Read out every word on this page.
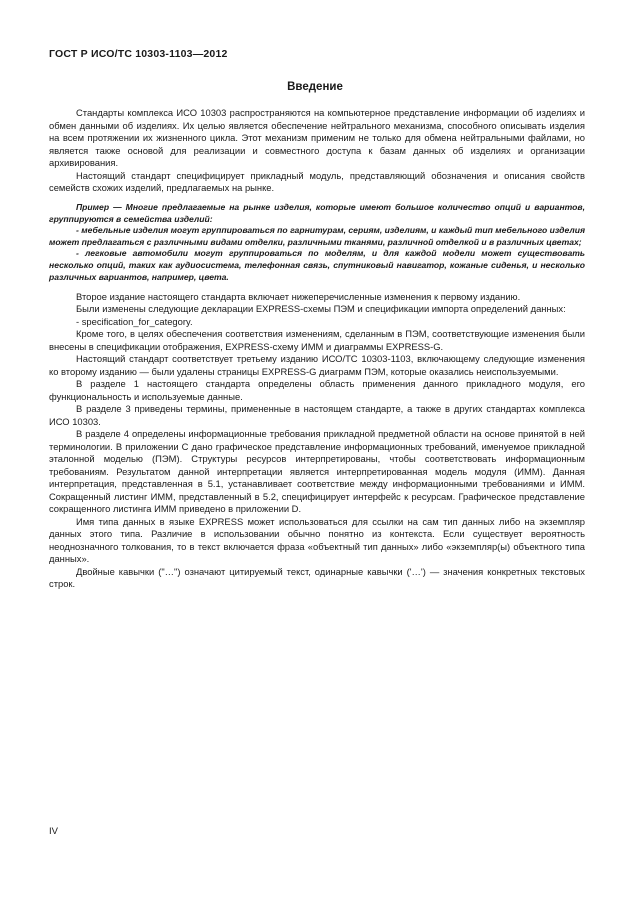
ГОСТ Р ИСО/ТС 10303-1103—2012
Введение

Стандарты комплекса ИСО 10303 распространяются на компьютерное представление информации об изделиях и обмен данными об изделиях. Их целью является обеспечение нейтрального механизма, способного описывать изделия на всем протяжении их жизненного цикла. Этот механизм применим не только для обмена нейтральными файлами, но является также основой для реализации и совместного доступа к базам данных об изделиях и организации архивирования.

Настоящий стандарт специфицирует прикладный модуль, представляющий обозначения и описания свойств семейств схожих изделий, предлагаемых на рынке.

Пример — Многие предлагаемые на рынке изделия, которые имеют большое количество опций и вариантов, группируются в семейства изделий:

- мебельные изделия могут группироваться по гарнитурам, сериям, изделиям, и каждый тип мебельного изделия может предлагаться с различными видами отделки, различными тканями, различной отделкой и в различных цветах;

- легковые автомобили могут группироваться по моделям, и для каждой модели может существовать несколько опций, таких как аудиосистема, телефонная связь, спутниковый навигатор, кожаные сиденья, и несколько различных вариантов, например, цвета.

Второе издание настоящего стандарта включает нижеперечисленные изменения к первому изданию.

Были изменены следующие декларации EXPRESS-схемы ПЭМ и спецификации импорта определений данных:

- specification_for_category.

Кроме того, в целях обеспечения соответствия изменениям, сделанным в ПЭМ, соответствующие изменения были внесены в спецификации отображения, EXPRESS-схему ИММ и диаграммы EXPRESS-G.

Настоящий стандарт соответствует третьему изданию ИСО/ТС 10303-1103, включающему следующие изменения ко второму изданию — были удалены страницы EXPRESS-G диаграмм ПЭМ, которые оказались неиспользуемыми.

В разделе 1 настоящего стандарта определены область применения данного прикладного модуля, его функциональность и используемые данные.

В разделе 3 приведены термины, примененные в настоящем стандарте, а также в других стандартах комплекса ИСО 10303.

В разделе 4 определены информационные требования прикладной предметной области на основе принятой в ней терминологии. В приложении С дано графическое представление информационных требований, именуемое прикладной эталонной моделью (ПЭМ). Структуры ресурсов интерпретированы, чтобы соответствовать информационным требованиям. Результатом данной интерпретации является интерпретированная модель модуля (ИММ). Данная интерпретация, представленная в 5.1, устанавливает соответствие между информационными требованиями и ИММ. Сокращенный листинг ИММ, представленный в 5.2, специфицирует интерфейс к ресурсам. Графическое представление сокращенного листинга ИММ приведено в приложении D.

Имя типа данных в языке EXPRESS может использоваться для ссылки на сам тип данных либо на экземпляр данных этого типа. Различие в использовании обычно понятно из контекста. Если существует вероятность неоднозначного толкования, то в текст включается фраза «объектный тип данных» либо «экземпляр(ы) объектного типа данных».

Двойные кавычки ("…") означают цитируемый текст, одинарные кавычки ('…') — значения конкретных текстовых строк.

IV
